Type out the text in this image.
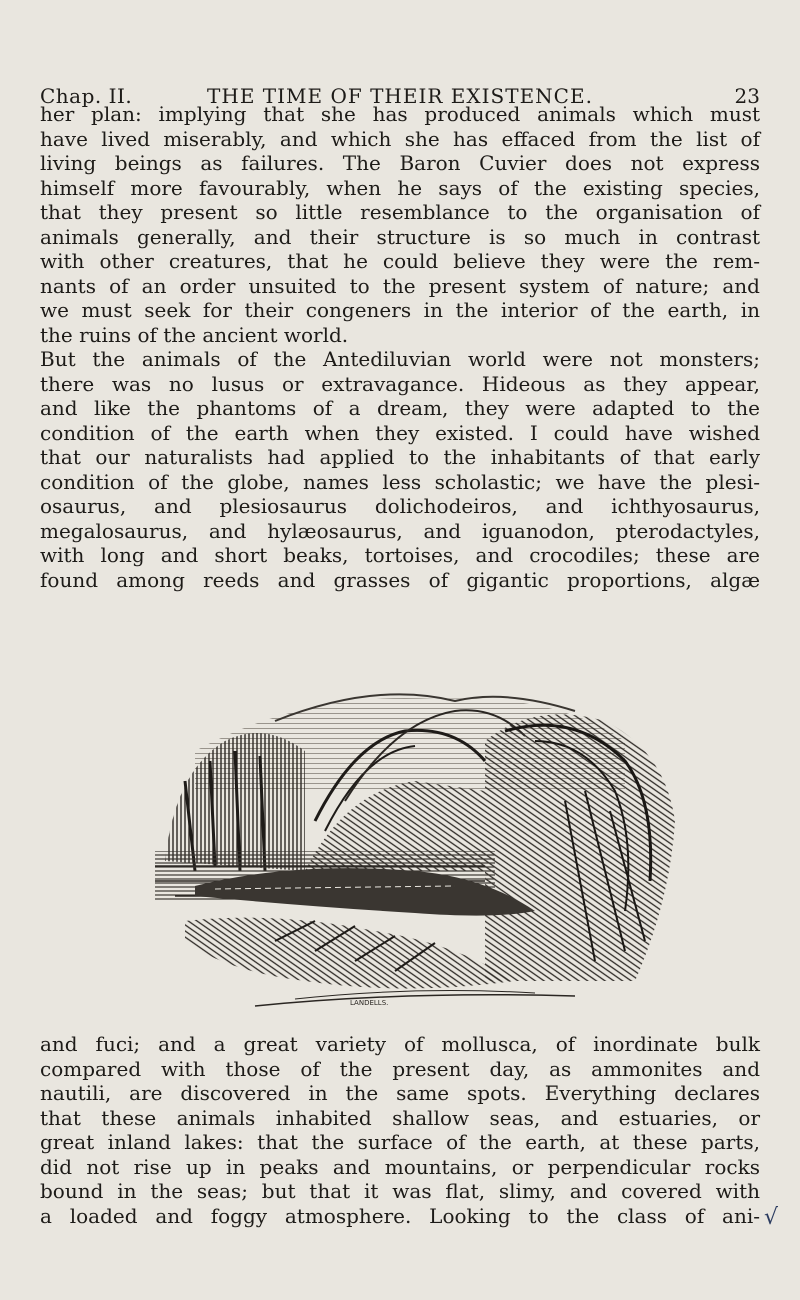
Chap. II.	THE TIME OF THEIR EXISTENCE.	23
her plan: implying that she has produced animals which must
have lived miserably, and which she has effaced from the list of
living beings as failures. The Baron Cuvier does not express
himself more favourably, when he says of the existing species,
that they present so little resemblance to the organisation of
animals generally, and their structure is so much in contrast
with other creatures, that he could believe they were the rem-
nants of an order unsuited to the present system of nature; and
we must seek for their congeners in the interior of the earth, in
the ruins of the ancient world.
But the animals of the Antediluvian world were not monsters;
there was no lusus or extravagance. Hideous as they appear,
and like the phantoms of a dream, they were adapted to the
condition of the earth when they existed. I could have wished
that our naturalists had applied to the inhabitants of that early
condition of the globe, names less scholastic; we have the plesi-
osaurus, and plesiosaurus dolichodeiros, and ichthyosaurus,
megalosaurus, and hylæosaurus, and iguanodon, pterodactyles,
with long and short beaks, tortoises, and crocodiles; these are
found among reeds and grasses of gigantic proportions, algæ
LANDELLS.
and fuci; and a great variety of mollusca, of inordinate bulk
compared with those of the present day, as ammonites and
nautili, are discovered in the same spots. Everything declares
that these animals inhabited shallow seas, and estuaries, or
great inland lakes: that the surface of the earth, at these parts,
did not rise up in peaks and mountains, or perpendicular rocks
bound in the seas; but that it was flat, slimy, and covered with
a loaded and foggy atmosphere. Looking to the class of ani- √
